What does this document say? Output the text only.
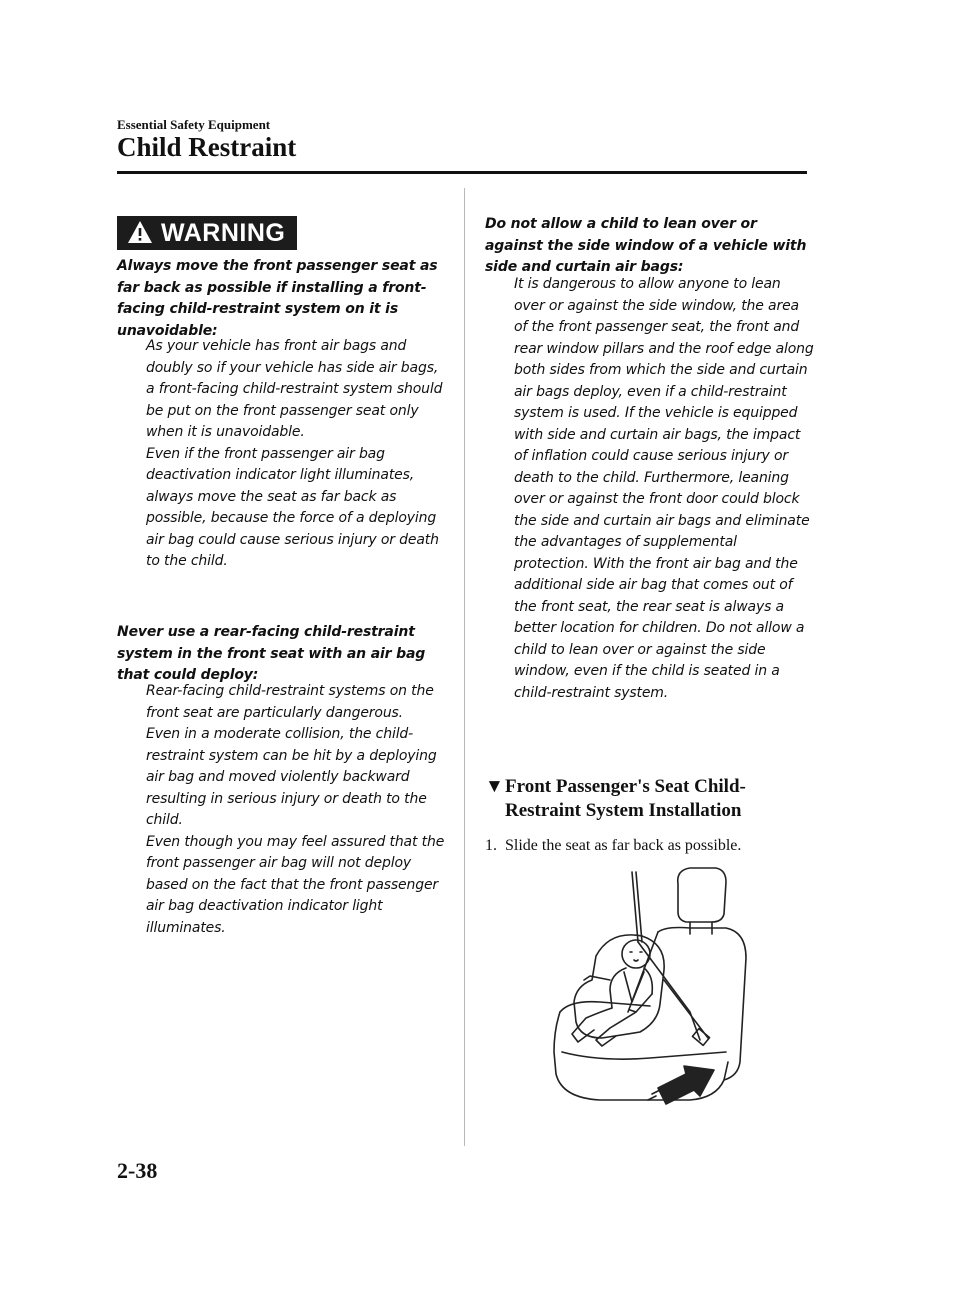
Essential Safety Equipment
Child Restraint
WARNING

Always move the front passenger seat as far back as possible if installing a front-facing child-restraint system on it is unavoidable:

As your vehicle has front air bags and doubly so if your vehicle has side air bags, a front-facing child-restraint system should be put on the front passenger seat only when it is unavoidable.

Even if the front passenger air bag deactivation indicator light illuminates, always move the seat as far back as possible, because the force of a deploying air bag could cause serious injury or death to the child.

Never use a rear-facing child-restraint system in the front seat with an air bag that could deploy:

Rear-facing child-restraint systems on the front seat are particularly dangerous.

Even in a moderate collision, the child-restraint system can be hit by a deploying air bag and moved violently backward resulting in serious injury or death to the child.

Even though you may feel assured that the front passenger air bag will not deploy based on the fact that the front passenger air bag deactivation indicator light illuminates.

Do not allow a child to lean over or against the side window of a vehicle with side and curtain air bags:

It is dangerous to allow anyone to lean over or against the side window, the area of the front passenger seat, the front and rear window pillars and the roof edge along both sides from which the side and curtain air bags deploy, even if a child-restraint system is used. If the vehicle is equipped with side and curtain air bags, the impact of inflation could cause serious injury or death to the child. Furthermore, leaning over or against the front door could block the side and curtain air bags and eliminate the advantages of supplemental protection. With the front air bag and the additional side air bag that comes out of the front seat, the rear seat is always a better location for children. Do not allow a child to lean over or against the side window, even if the child is seated in a child-restraint system.

▼Front Passenger's Seat Child-
Restraint System Installation
1. Slide the seat as far back as possible.
2-38
